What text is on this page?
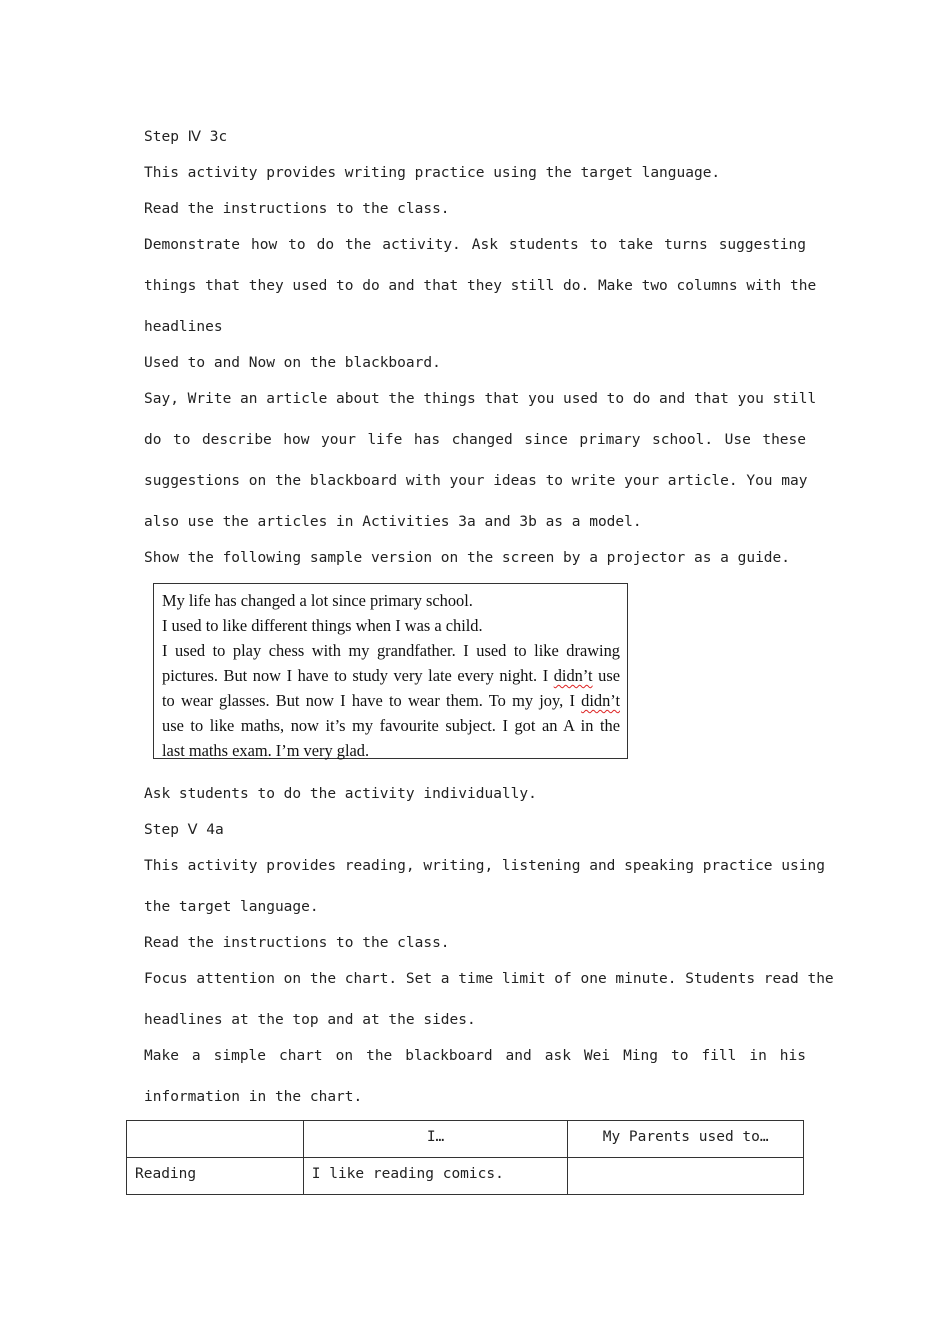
Step Ⅳ 3c
This activity provides writing practice using the target language.
Read the instructions to the class.
Demonstrate how to do the activity. Ask students to take turns suggesting
things that they used to do and that they still do. Make two columns with the
headlines
Used to and Now on the blackboard.
Say, Write an article about the things that you used to do and that you still
do to describe how your life has changed since primary school. Use these
suggestions on the blackboard with your ideas to write your article. You may
also use the articles in Activities 3a and 3b as a model.
Show the following sample version on the screen by a projector as a guide.
My life has changed a lot since primary school.
I used to like different things when I was a child.
I used to play chess with my grandfather. I used to like drawing
pictures. But now I have to study very late every night. I didn’t use
to wear glasses. But now I have to wear them. To my joy, I didn’t
use to like maths, now it’s my favourite subject. I got an A in the
last maths exam. I’m very glad.
Ask students to do the activity individually.
Step Ⅴ 4a
This activity provides reading, writing, listening and speaking practice using
the target language.
Read the instructions to the class.
Focus attention on the chart. Set a time limit of one minute. Students read the
headlines at the top and at the sides.
Make a simple chart on the blackboard and ask Wei Ming to fill in his
information in the chart.
	I…	My Parents used to…
Reading	I like reading comics.	
